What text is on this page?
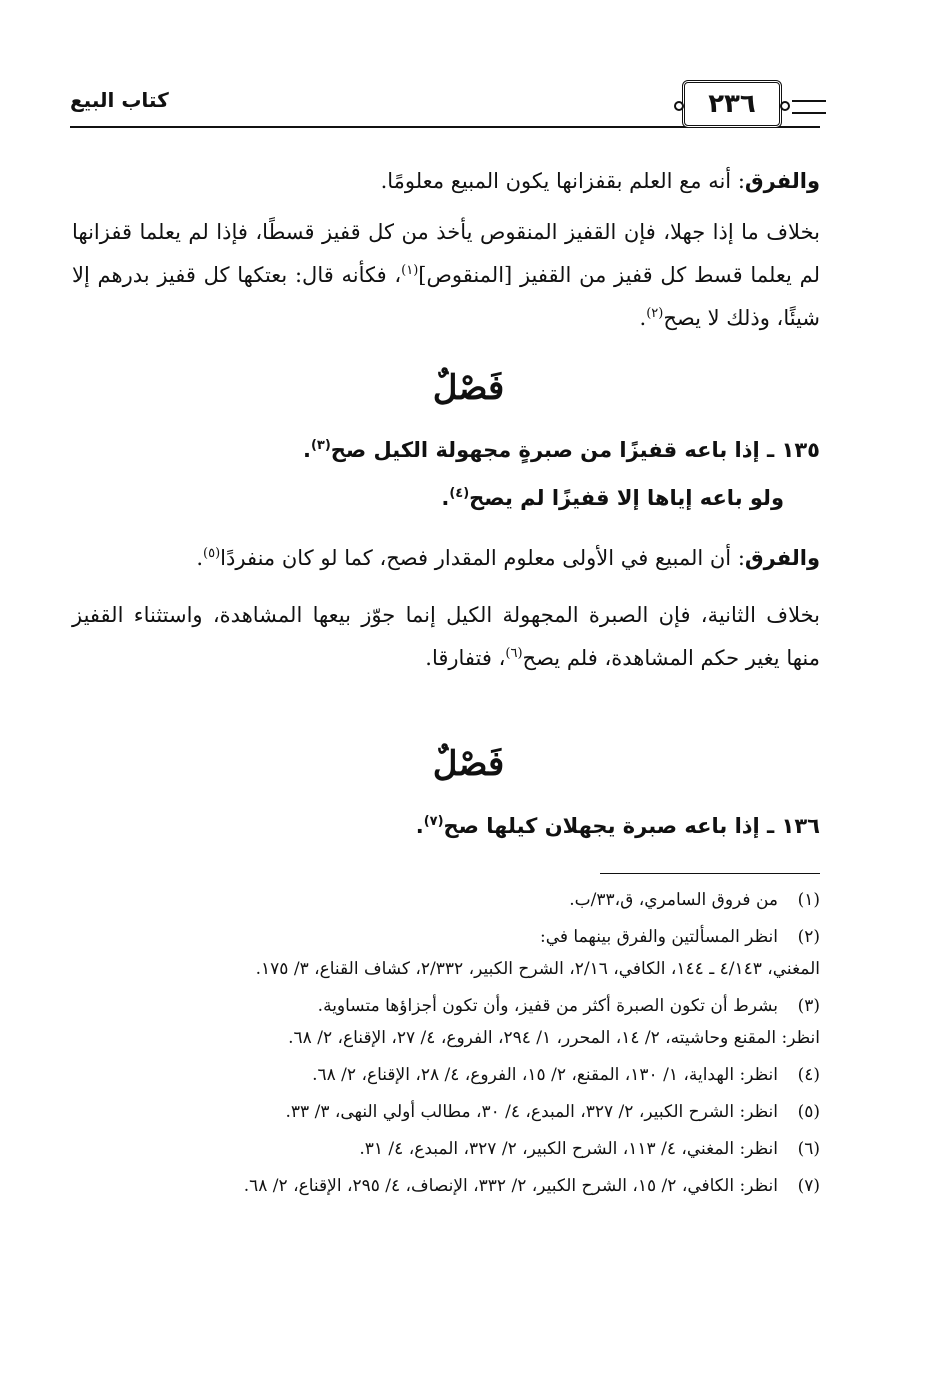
كتاب البيع	٢٣٦

والفرق: أنه مع العلم بقفزانها يكون المبيع معلومًا.

بخلاف ما إذا جهلا، فإن القفيز المنقوص يأخذ من كل قفيز قسطًا، فإذا لم يعلما قفزانها لم يعلما قسط كل قفيز من القفيز [المنقوص]$^{(١)}$، فكأنه قال: بعتكها كل قفيز بدرهم إلا شيئًا، وذلك لا يصح$^{(٢)}$.

فَصْلٌ
١٣٥ ـ إذا باعه قفيزًا من صبرةٍ مجهولة الكيل صح$^{(٣)}$.
ولو باعه إياها إلا قفيزًا لم يصح$^{(٤)}$.

والفرق: أن المبيع في الأولى معلوم المقدار فصح، كما لو كان منفردًا$^{(٥)}$.

بخلاف الثانية، فإن الصبرة المجهولة الكيل إنما جوّز بيعها المشاهدة، واستثناء القفيز منها يغير حكم المشاهدة، فلم يصح$^{(٦)}$، فتفارقا.

فَصْلٌ
١٣٦ ـ إذا باعه صبرة يجهلان كيلها صح$^{(٧)}$.
(١)
من فروق السامري، ق،٣٣/ب.
(٢)
انظر المسألتين والفرق بينهما في:
المغني، ٤/١٤٣ ـ ١٤٤، الكافي، ٢/١٦، الشرح الكبير، ٢/٣٣٢، كشاف القناع، ٣/ ١٧٥.
(٣)
بشرط أن تكون الصبرة أكثر من قفيز، وأن تكون أجزاؤها متساوية.
انظر: المقنع وحاشيته، ٢/ ١٤، المحرر، ١/ ٢٩٤، الفروع، ٤/ ٢٧، الإقناع، ٢/ ٦٨.
(٤)
انظر: الهداية، ١/ ١٣٠، المقنع، ٢/ ١٥، الفروع، ٤/ ٢٨، الإقناع، ٢/ ٦٨.
(٥)
انظر: الشرح الكبير، ٢/ ٣٢٧، المبدع، ٤/ ٣٠، مطالب أولي النهى، ٣/ ٣٣.
(٦)
انظر: المغني، ٤/ ١١٣، الشرح الكبير، ٢/ ٣٢٧، المبدع، ٤/ ٣١.
(٧)
انظر: الكافي، ٢/ ١٥، الشرح الكبير، ٢/ ٣٣٢، الإنصاف، ٤/ ٢٩٥، الإقناع، ٢/ ٦٨.
